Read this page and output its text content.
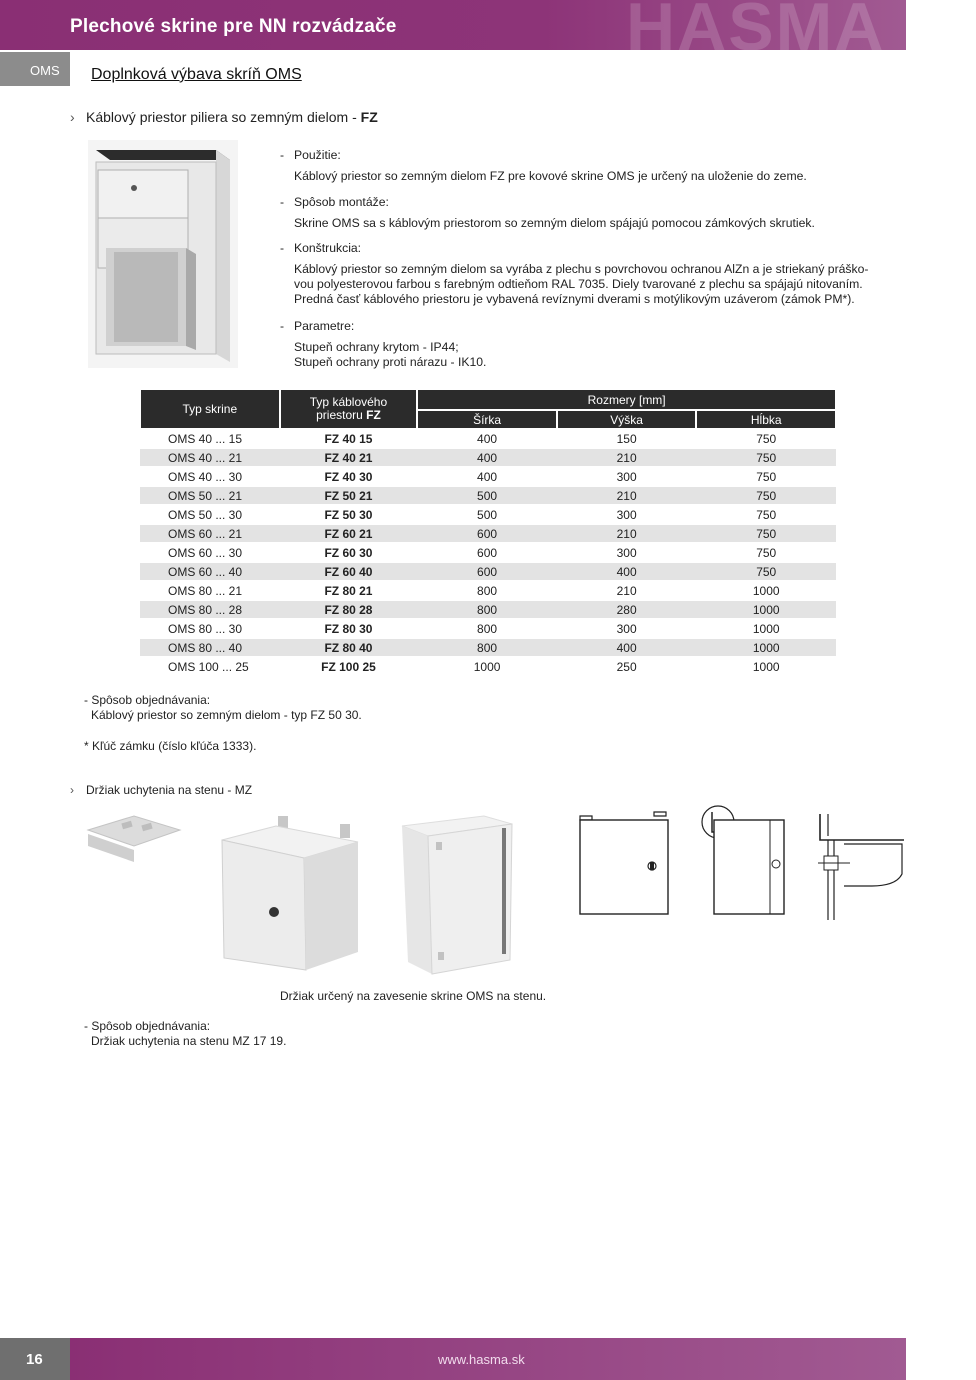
HASMA
Plechové skrine pre NN rozvádzače
OMS Doplnková výbava skríň OMS
› Káblový priestor piliera so zemným dielom - FZ
- Použitie:
Káblový priestor so zemným dielom FZ pre kovové skrine OMS je určený na uloženie do zeme.
- Spôsob montáže:
Skrine OMS sa s káblovým priestorom so zemným dielom spájajú pomocou zámkových skrutiek.
- Konštrukcia:
Káblový priestor so zemným dielom sa vyrába z plechu s povrchovou ochranou AlZn a je striekaný práško-
vou polyesterovou farbou s farebným odtieňom RAL 7035. Diely tvarované z plechu sa spájajú nitovaním.
Predná časť káblového priestoru je vybavená revíznymi dverami s motýlikovým uzáverom (zámok PM*).
- Parametre:
Stupeň ochrany krytom - IP44;
Stupeň ochrany proti nárazu - IK10.
Typ skrine	Typ káblového
priestoru FZ	Rozmery [mm]		
		Šírka	Výška	Hĺbka
OMS 40 ... 15	FZ 40 15	400	150	750
OMS 40 ... 21	FZ 40 21	400	210	750
OMS 40 ... 30	FZ 40 30	400	300	750
OMS 50 ... 21	FZ 50 21	500	210	750
OMS 50 ... 30	FZ 50 30	500	300	750
OMS 60 ... 21	FZ 60 21	600	210	750
OMS 60 ... 30	FZ 60 30	600	300	750
OMS 60 ... 40	FZ 60 40	600	400	750
OMS 80 ... 21	FZ 80 21	800	210	1000
OMS 80 ... 28	FZ 80 28	800	280	1000
OMS 80 ... 30	FZ 80 30	800	300	1000
OMS 80 ... 40	FZ 80 40	800	400	1000
OMS 100 ... 25	FZ 100 25	1000	250	1000
- Spôsob objednávania:
Káblový priestor so zemným dielom - typ FZ 50 30.
* Kľúč zámku (číslo kľúča 1333).
› Držiak uchytenia na stenu - MZ
Držiak určený na zavesenie skrine OMS na stenu.
- Spôsob objednávania:
Držiak uchytenia na stenu MZ 17 19.
16	www.hasma.sk
